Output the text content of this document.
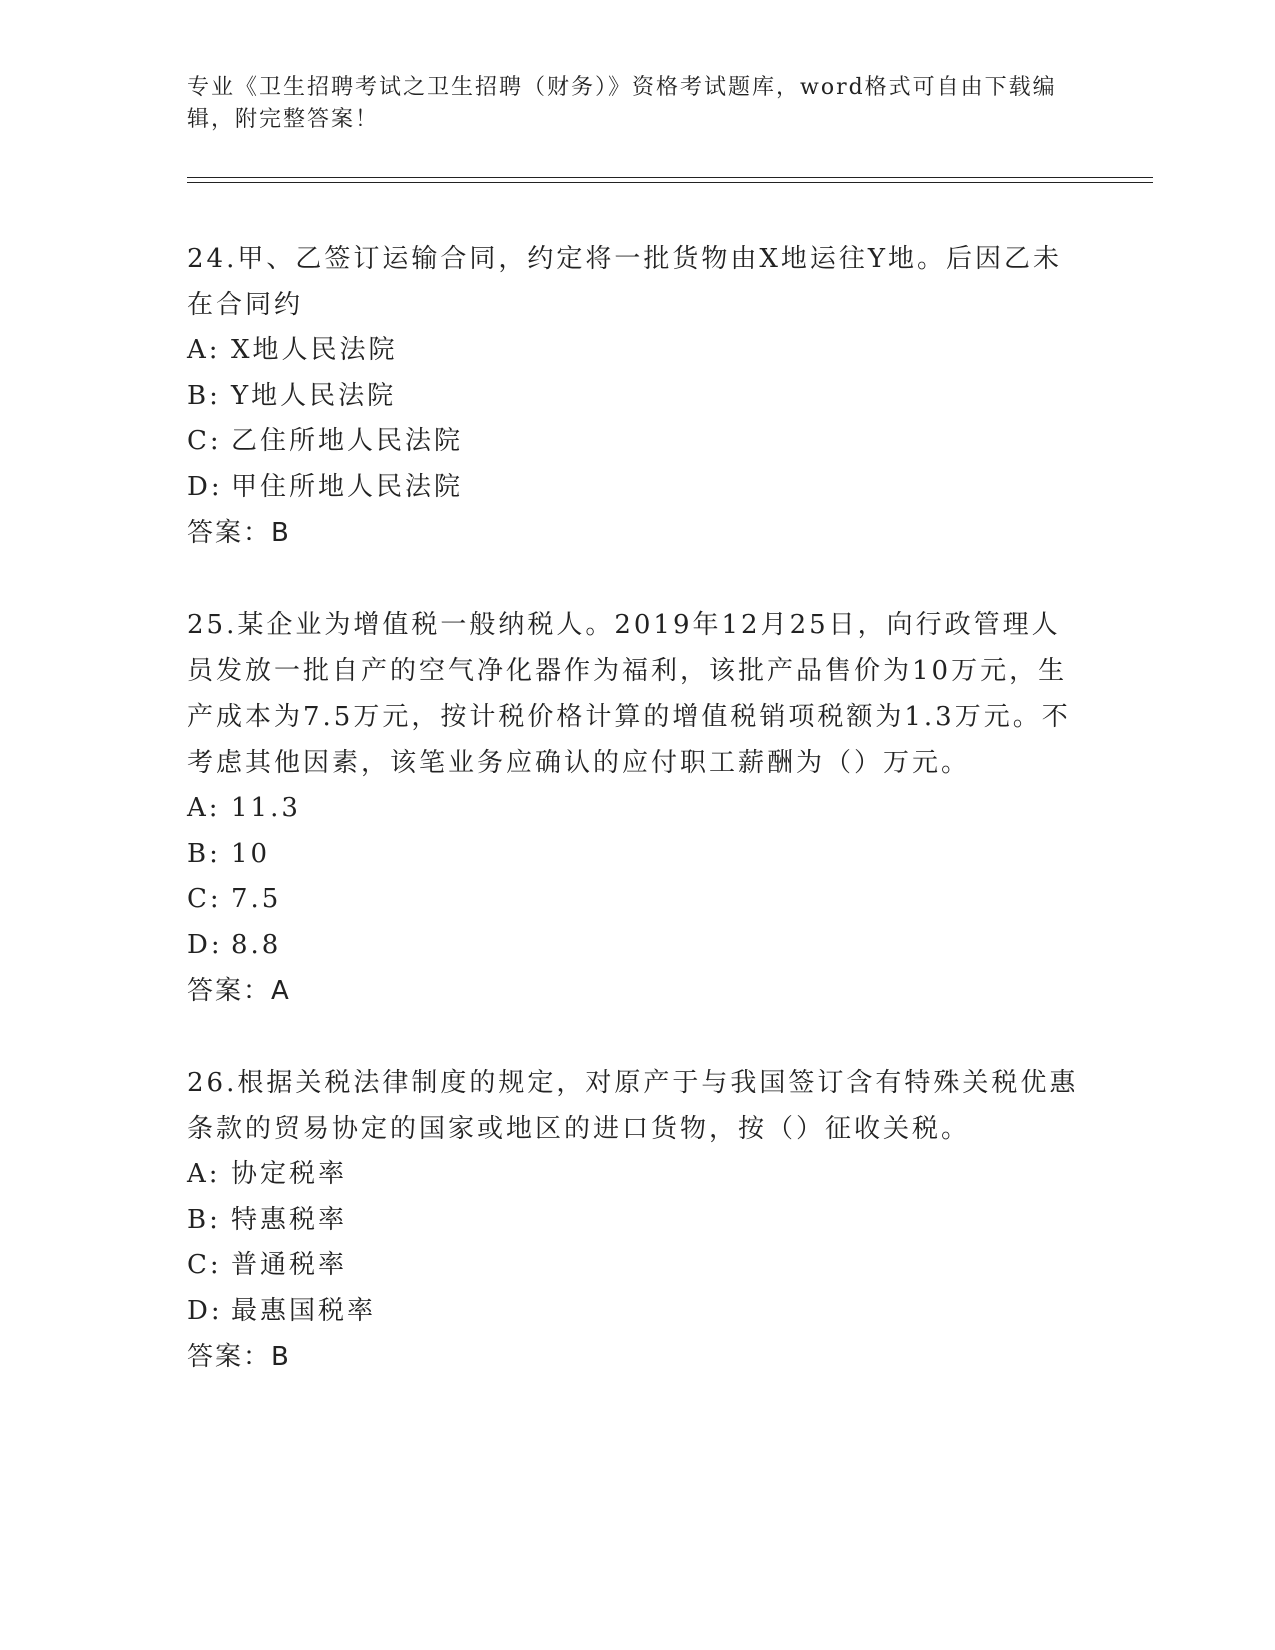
专业《卫生招聘考试之卫生招聘（财务）》资格考试题库，word格式可自由下载编辑，附完整答案！

24.甲、乙签订运输合同，约定将一批货物由X地运往Y地。后因乙未在合同约

A: X地人民法院
B: Y地人民法院
C: 乙住所地人民法院
D: 甲住所地人民法院
答案：B

25.某企业为增值税一般纳税人。2019年12月25日，向行政管理人员发放一批自产的空气净化器作为福利，该批产品售价为10万元，生产成本为7.5万元，按计税价格计算的增值税销项税额为1.3万元。不考虑其他因素，该笔业务应确认的应付职工薪酬为（）万元。

A: 11.3
B: 10
C: 7.5
D: 8.8
答案：A

26.根据关税法律制度的规定，对原产于与我国签订含有特殊关税优惠条款的贸易协定的国家或地区的进口货物，按（）征收关税。

A: 协定税率
B: 特惠税率
C: 普通税率
D: 最惠国税率
答案：B
